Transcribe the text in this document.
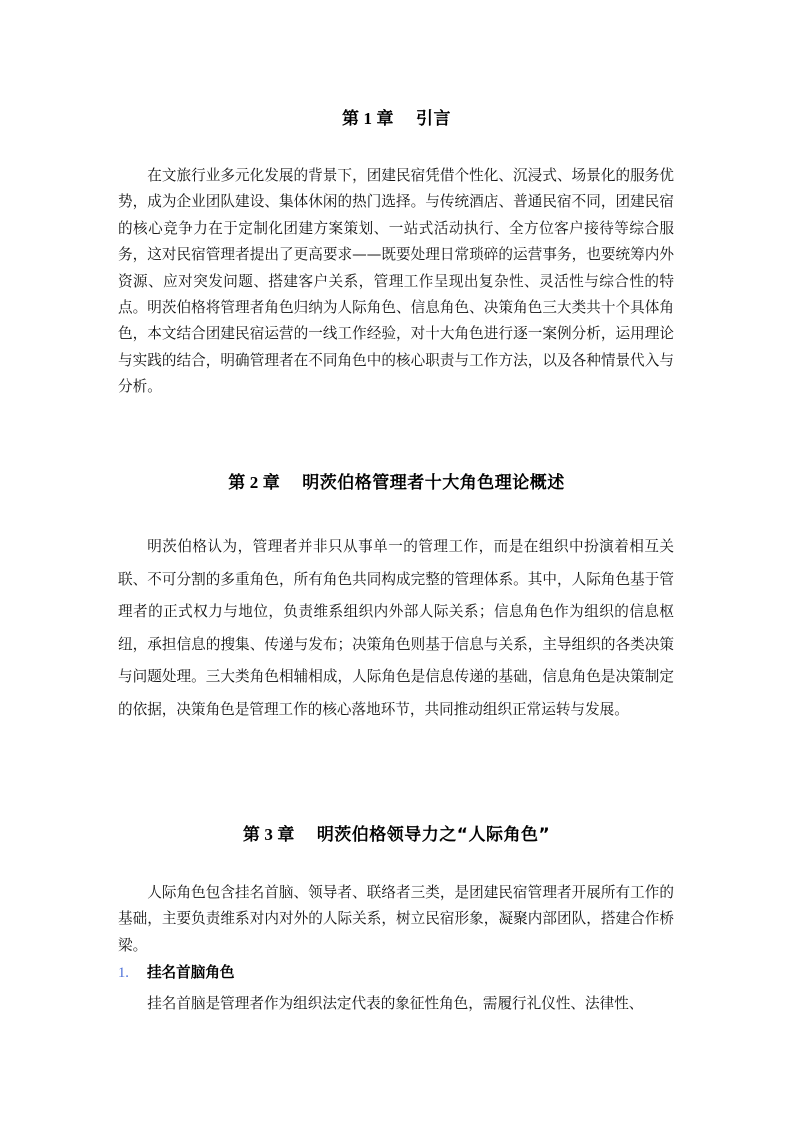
第 1 章 引言

在文旅行业多元化发展的背景下，团建民宿凭借个性化、沉浸式、场景化的服务优势，成为企业团队建设、集体休闲的热门选择。与传统酒店、普通民宿不同，团建民宿的核心竞争力在于定制化团建方案策划、一站式活动执行、全方位客户接待等综合服务，这对民宿管理者提出了更高要求——既要处理日常琐碎的运营事务，也要统筹内外资源、应对突发问题、搭建客户关系，管理工作呈现出复杂性、灵活性与综合性的特点。明茨伯格将管理者角色归纳为人际角色、信息角色、决策角色三大类共十个具体角色，本文结合团建民宿运营的一线工作经验，对十大角色进行逐一案例分析，运用理论与实践的结合，明确管理者在不同角色中的核心职责与工作方法，以及各种情景代入与分析。

第 2 章 明茨伯格管理者十大角色理论概述

明茨伯格认为，管理者并非只从事单一的管理工作，而是在组织中扮演着相互关联、不可分割的多重角色，所有角色共同构成完整的管理体系。其中，人际角色基于管理者的正式权力与地位，负责维系组织内外部人际关系；信息角色作为组织的信息枢纽，承担信息的搜集、传递与发布；决策角色则基于信息与关系，主导组织的各类决策与问题处理。三大类角色相辅相成，人际角色是信息传递的基础，信息角色是决策制定的依据，决策角色是管理工作的核心落地环节，共同推动组织正常运转与发展。

第 3 章 明茨伯格领导力之“人际角色”

人际角色包含挂名首脑、领导者、联络者三类，是团建民宿管理者开展所有工作的基础，主要负责维系对内对外的人际关系，树立民宿形象，凝聚内部团队，搭建合作桥梁。

1. 挂名首脑角色

挂名首脑是管理者作为组织法定代表的象征性角色，需履行礼仪性、法律性、
